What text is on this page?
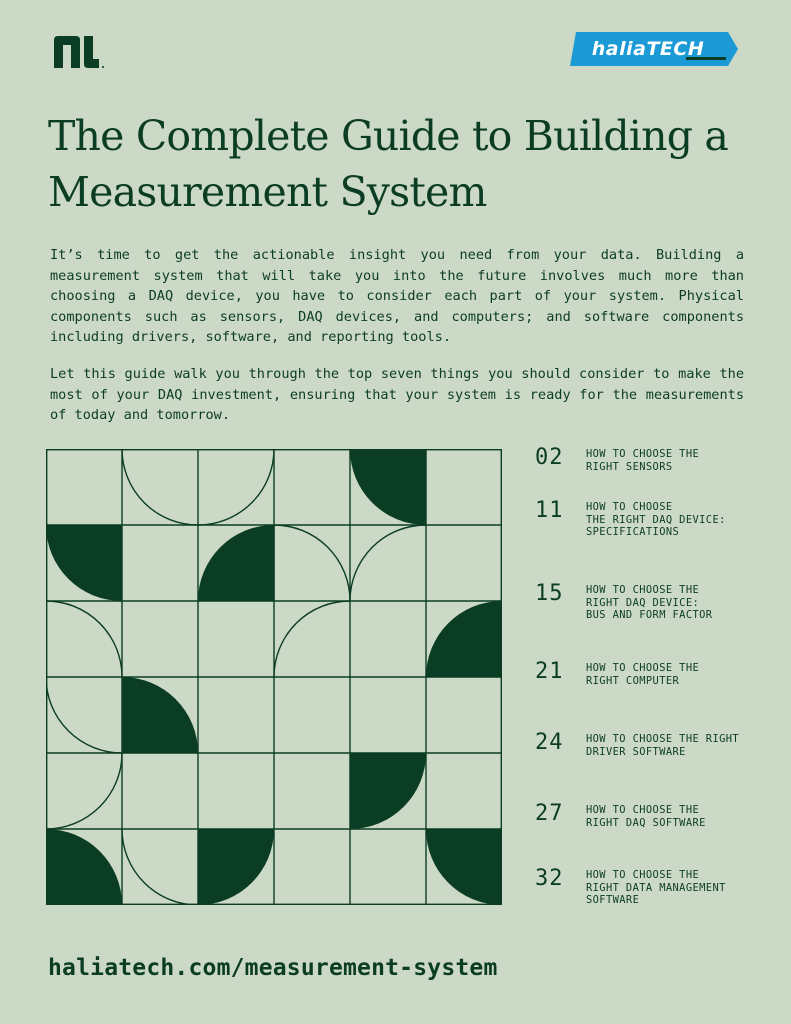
haliaTECH
The Complete Guide to Building a Measurement System

It’s time to get the actionable insight you need from your data. Building a measurement system that will take you into the future involves much more than choosing a DAQ device, you have to consider each part of your system. Physical components such as sensors, DAQ devices, and computers; and software components including drivers, software, and reporting tools.

Let this guide walk you through the top seven things you should consider to make the most of your DAQ investment, ensuring that your system is ready for the measurements of today and tomorrow.

02 HOW TO CHOOSE THE
RIGHT SENSORS
11 HOW TO CHOOSE
THE RIGHT DAQ DEVICE:
SPECIFICATIONS
15 HOW TO CHOOSE THE
RIGHT DAQ DEVICE:
BUS AND FORM FACTOR
21 HOW TO CHOOSE THE
RIGHT COMPUTER
24 HOW TO CHOOSE THE RIGHT
DRIVER SOFTWARE
27 HOW TO CHOOSE THE
RIGHT DAQ SOFTWARE
32 HOW TO CHOOSE THE
RIGHT DATA MANAGEMENT
SOFTWARE
haliatech.com/measurement-system
